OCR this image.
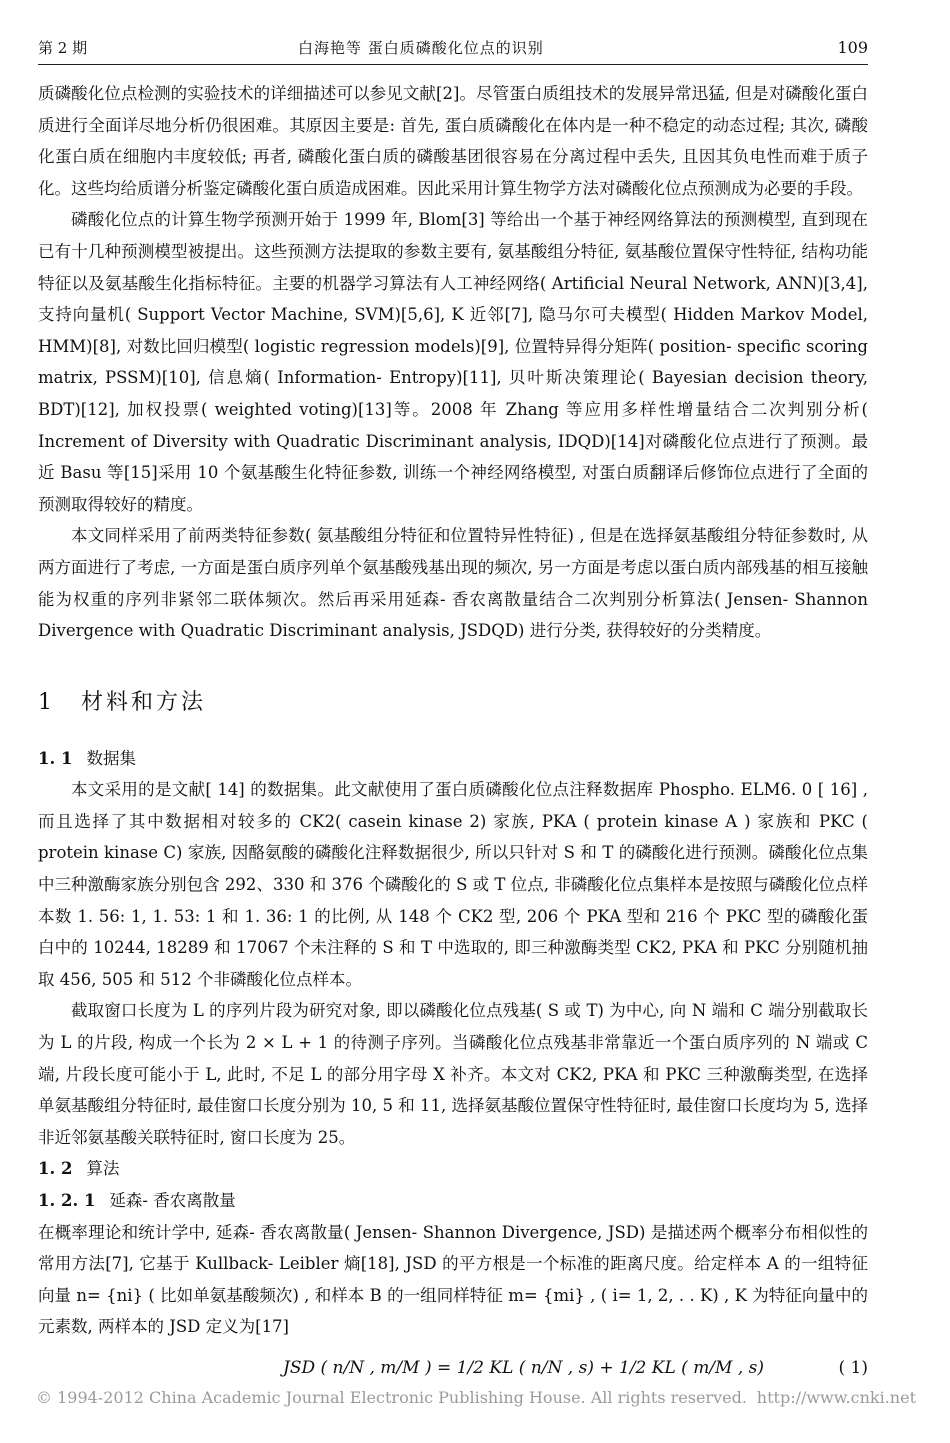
第 2 期	白海艳等 蛋白质磷酸化位点的识别	109

质磷酸化位点检测的实验技术的详细描述可以参见文献[2]。尽管蛋白质组技术的发展异常迅猛, 但是对磷酸化蛋白质进行全面详尽地分析仍很困难。其原因主要是: 首先, 蛋白质磷酸化在体内是一种不稳定的动态过程; 其次, 磷酸化蛋白质在细胞内丰度较低; 再者, 磷酸化蛋白质的磷酸基团很容易在分离过程中丢失, 且因其负电性而难于质子化。这些均给质谱分析鉴定磷酸化蛋白质造成困难。因此采用计算生物学方法对磷酸化位点预测成为必要的手段。

磷酸化位点的计算生物学预测开始于 1999 年, Blom[3] 等给出一个基于神经网络算法的预测模型, 直到现在已有十几种预测模型被提出。这些预测方法提取的参数主要有, 氨基酸组分特征, 氨基酸位置保守性特征, 结构功能特征以及氨基酸生化指标特征。主要的机器学习算法有人工神经网络( Artificial Neural Network, ANN)[3,4], 支持向量机( Support Vector Machine, SVM)[5,6], K 近邻[7], 隐马尔可夫模型( Hidden Markov Model, HMM)[8], 对数比回归模型( logistic regression models)[9], 位置特异得分矩阵( position- specific scoring matrix, PSSM)[10], 信息熵( Information- Entropy)[11], 贝叶斯决策理论( Bayesian decision theory, BDT)[12], 加权投票( weighted voting)[13]等。2008 年 Zhang 等应用多样性增量结合二次判别分析( Increment of Diversity with Quadratic Discriminant analysis, IDQD)[14]对磷酸化位点进行了预测。最近 Basu 等[15]采用 10 个氨基酸生化特征参数, 训练一个神经网络模型, 对蛋白质翻译后修饰位点进行了全面的预测取得较好的精度。

本文同样采用了前两类特征参数( 氨基酸组分特征和位置特异性特征) , 但是在选择氨基酸组分特征参数时, 从两方面进行了考虑, 一方面是蛋白质序列单个氨基酸残基出现的频次, 另一方面是考虑以蛋白质内部残基的相互接触能为权重的序列非紧邻二联体频次。然后再采用延森- 香农离散量结合二次判别分析算法( Jensen- Shannon Divergence with Quadratic Discriminant analysis, JSDQD) 进行分类, 获得较好的分类精度。

1 材料和方法

1. 1 数据集

本文采用的是文献[ 14] 的数据集。此文献使用了蛋白质磷酸化位点注释数据库 Phospho. ELM6. 0 [ 16] , 而且选择了其中数据相对较多的 CK2( casein kinase 2) 家族, PKA ( protein kinase A ) 家族和 PKC ( protein kinase C) 家族, 因酪氨酸的磷酸化注释数据很少, 所以只针对 S 和 T 的磷酸化进行预测。磷酸化位点集中三种激酶家族分别包含 292、330 和 376 个磷酸化的 S 或 T 位点, 非磷酸化位点集样本是按照与磷酸化位点样本数 1. 56: 1, 1. 53: 1 和 1. 36: 1 的比例, 从 148 个 CK2 型, 206 个 PKA 型和 216 个 PKC 型的磷酸化蛋白中的 10244, 18289 和 17067 个未注释的 S 和 T 中选取的, 即三种激酶类型 CK2, PKA 和 PKC 分别随机抽取 456, 505 和 512 个非磷酸化位点样本。

截取窗口长度为 L 的序列片段为研究对象, 即以磷酸化位点残基( S 或 T) 为中心, 向 N 端和 C 端分别截取长为 L 的片段, 构成一个长为 2 × L + 1 的待测子序列。当磷酸化位点残基非常靠近一个蛋白质序列的 N 端或 C 端, 片段长度可能小于 L, 此时, 不足 L 的部分用字母 X 补齐。本文对 CK2, PKA 和 PKC 三种激酶类型, 在选择单氨基酸组分特征时, 最佳窗口长度分别为 10, 5 和 11, 选择氨基酸位置保守性特征时, 最佳窗口长度均为 5, 选择非近邻氨基酸关联特征时, 窗口长度为 25。

1. 2 算法

1. 2. 1 延森- 香农离散量

在概率理论和统计学中, 延森- 香农离散量( Jensen- Shannon Divergence, JSD) 是描述两个概率分布相似性的常用方法[7], 它基于 Kullback- Leibler 熵[18], JSD 的平方根是一个标准的距离尺度。给定样本 A 的一组特征向量 n= {ni} ( 比如单氨基酸频次) , 和样本 B 的一组同样特征 m= {mi} , ( i= 1, 2, . . K) , K 为特征向量中的元素数, 两样本的 JSD 定义为[17]

JSD ( n/N , m/M ) = 1/2 KL ( n/N , s) + 1/2 KL ( m/M , s)	( 1)
© 1994-2012 China Academic Journal Electronic Publishing House. All rights reserved. http://www.cnki.net
